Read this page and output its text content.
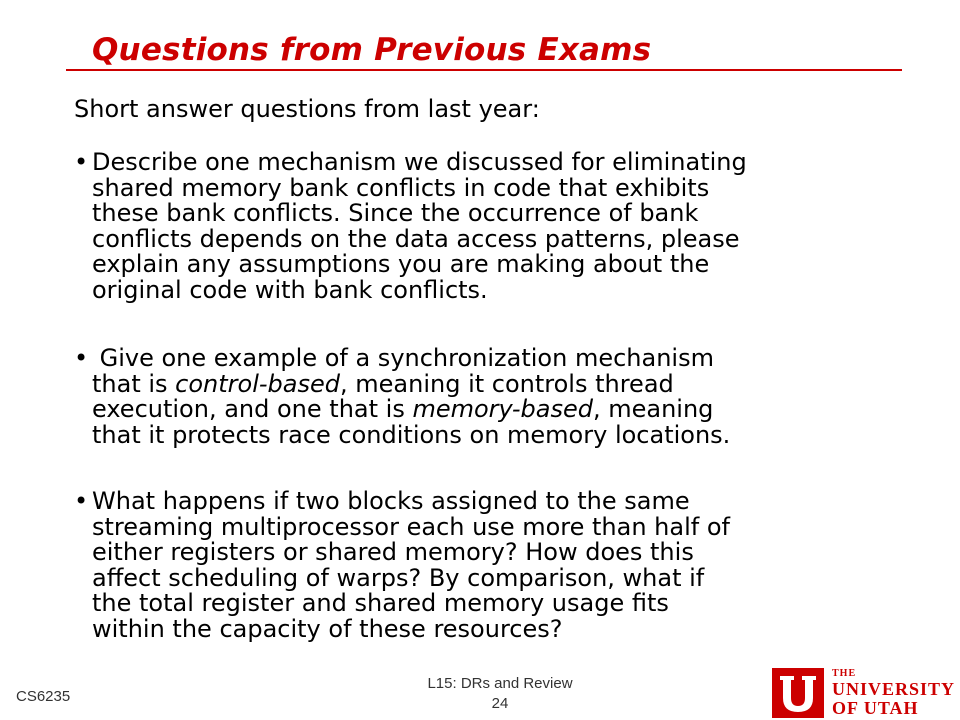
Questions from Previous Exams
Short answer questions from last year:
• Describe one mechanism we discussed for eliminating
shared memory bank conflicts in code that exhibits
these bank conflicts. Since the occurrence of bank
conflicts depends on the data access patterns, please
explain any assumptions you are making about the
original code with bank conflicts.
• Give one example of a synchronization mechanism
that is control-based, meaning it controls thread
execution, and one that is memory-based, meaning
that it protects race conditions on memory locations.
• What happens if two blocks assigned to the same
streaming multiprocessor each use more than half of
either registers or shared memory? How does this
affect scheduling of warps? By comparison, what if
the total register and shared memory usage fits
within the capacity of these resources?
CS6235
L15: DRs and Review
24
THE
UNIVERSITY
OF UTAH
